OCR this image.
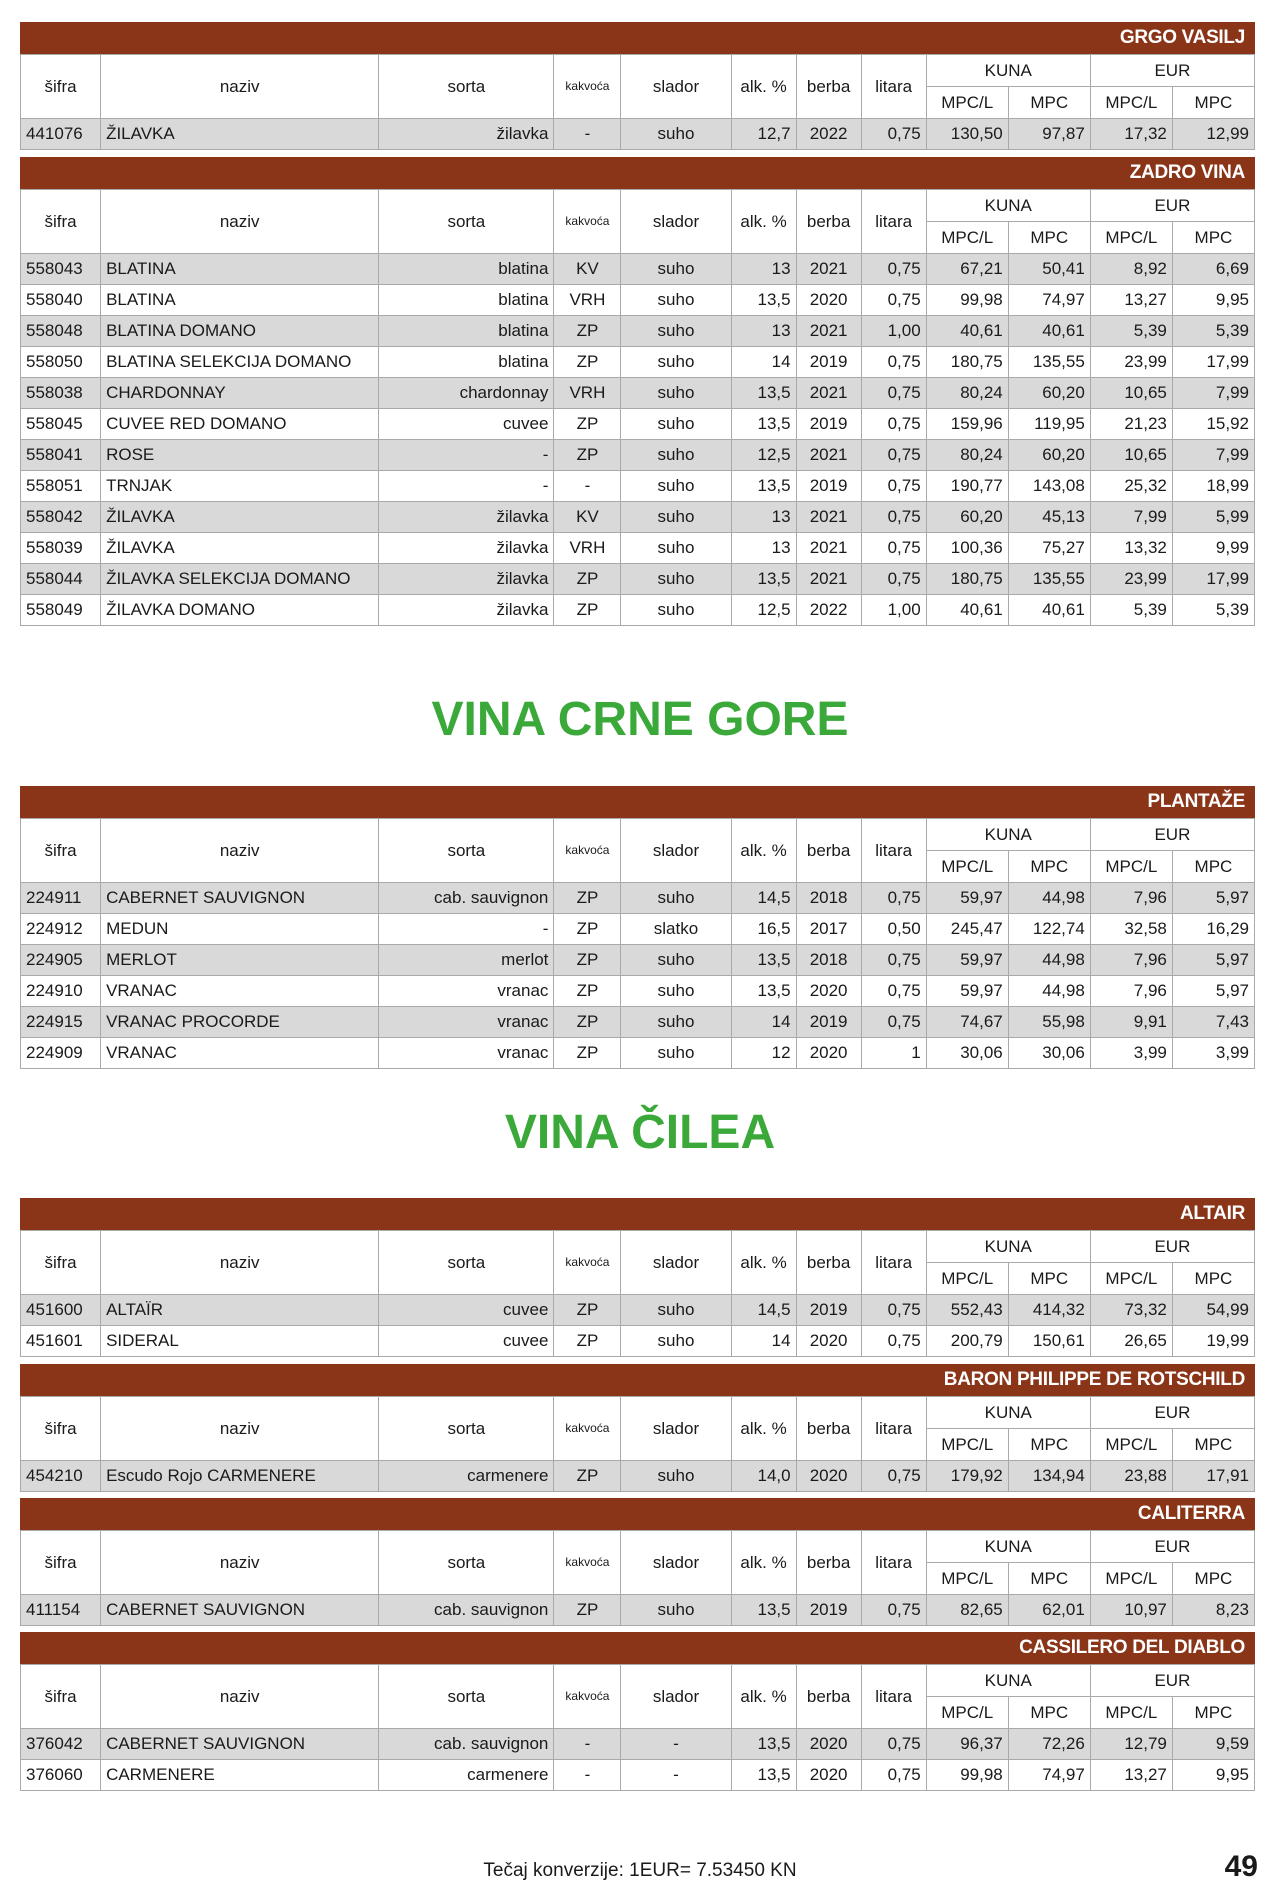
GRGO VASILJ
šifra	naziv	sorta	kakvoća	slador	alk. %	berba	litara	KUNA		EUR	
								MPC/L	MPC	MPC/L	MPC
441076	ŽILAVKA	žilavka	-	suho	12,7	2022	0,75	130,50	97,87	17,32	12,99
ZADRO VINA
šifra	naziv	sorta	kakvoća	slador	alk. %	berba	litara	KUNA		EUR	
								MPC/L	MPC	MPC/L	MPC
558043	BLATINA	blatina	KV	suho	13	2021	0,75	67,21	50,41	8,92	6,69
558040	BLATINA	blatina	VRH	suho	13,5	2020	0,75	99,98	74,97	13,27	9,95
558048	BLATINA DOMANO	blatina	ZP	suho	13	2021	1,00	40,61	40,61	5,39	5,39
558050	BLATINA SELEKCIJA DOMANO	blatina	ZP	suho	14	2019	0,75	180,75	135,55	23,99	17,99
558038	CHARDONNAY	chardonnay	VRH	suho	13,5	2021	0,75	80,24	60,20	10,65	7,99
558045	CUVEE RED DOMANO	cuvee	ZP	suho	13,5	2019	0,75	159,96	119,95	21,23	15,92
558041	ROSE	-	ZP	suho	12,5	2021	0,75	80,24	60,20	10,65	7,99
558051	TRNJAK	-	-	suho	13,5	2019	0,75	190,77	143,08	25,32	18,99
558042	ŽILAVKA	žilavka	KV	suho	13	2021	0,75	60,20	45,13	7,99	5,99
558039	ŽILAVKA	žilavka	VRH	suho	13	2021	0,75	100,36	75,27	13,32	9,99
558044	ŽILAVKA SELEKCIJA DOMANO	žilavka	ZP	suho	13,5	2021	0,75	180,75	135,55	23,99	17,99
558049	ŽILAVKA DOMANO	žilavka	ZP	suho	12,5	2022	1,00	40,61	40,61	5,39	5,39
VINA CRNE GORE
PLANTAŽE
šifra	naziv	sorta	kakvoća	slador	alk. %	berba	litara	KUNA		EUR	
								MPC/L	MPC	MPC/L	MPC
224911	CABERNET SAUVIGNON	cab. sauvignon	ZP	suho	14,5	2018	0,75	59,97	44,98	7,96	5,97
224912	MEDUN	-	ZP	slatko	16,5	2017	0,50	245,47	122,74	32,58	16,29
224905	MERLOT	merlot	ZP	suho	13,5	2018	0,75	59,97	44,98	7,96	5,97
224910	VRANAC	vranac	ZP	suho	13,5	2020	0,75	59,97	44,98	7,96	5,97
224915	VRANAC PROCORDE	vranac	ZP	suho	14	2019	0,75	74,67	55,98	9,91	7,43
224909	VRANAC	vranac	ZP	suho	12	2020	1	30,06	30,06	3,99	3,99
VINA ČILEA
ALTAIR
šifra	naziv	sorta	kakvoća	slador	alk. %	berba	litara	KUNA		EUR	
								MPC/L	MPC	MPC/L	MPC
451600	ALTAÏR	cuvee	ZP	suho	14,5	2019	0,75	552,43	414,32	73,32	54,99
451601	SIDERAL	cuvee	ZP	suho	14	2020	0,75	200,79	150,61	26,65	19,99
BARON PHILIPPE DE ROTSCHILD
šifra	naziv	sorta	kakvoća	slador	alk. %	berba	litara	KUNA		EUR	
								MPC/L	MPC	MPC/L	MPC
454210	Escudo Rojo CARMENERE	carmenere	ZP	suho	14,0	2020	0,75	179,92	134,94	23,88	17,91
CALITERRA
šifra	naziv	sorta	kakvoća	slador	alk. %	berba	litara	KUNA		EUR	
								MPC/L	MPC	MPC/L	MPC
411154	CABERNET SAUVIGNON	cab. sauvignon	ZP	suho	13,5	2019	0,75	82,65	62,01	10,97	8,23
CASSILERO DEL DIABLO
šifra	naziv	sorta	kakvoća	slador	alk. %	berba	litara	KUNA		EUR	
								MPC/L	MPC	MPC/L	MPC
376042	CABERNET SAUVIGNON	cab. sauvignon	-	-	13,5	2020	0,75	96,37	72,26	12,79	9,59
376060	CARMENERE	carmenere	-	-	13,5	2020	0,75	99,98	74,97	13,27	9,95
Tečaj konverzije: 1EUR= 7.53450 KN	49
